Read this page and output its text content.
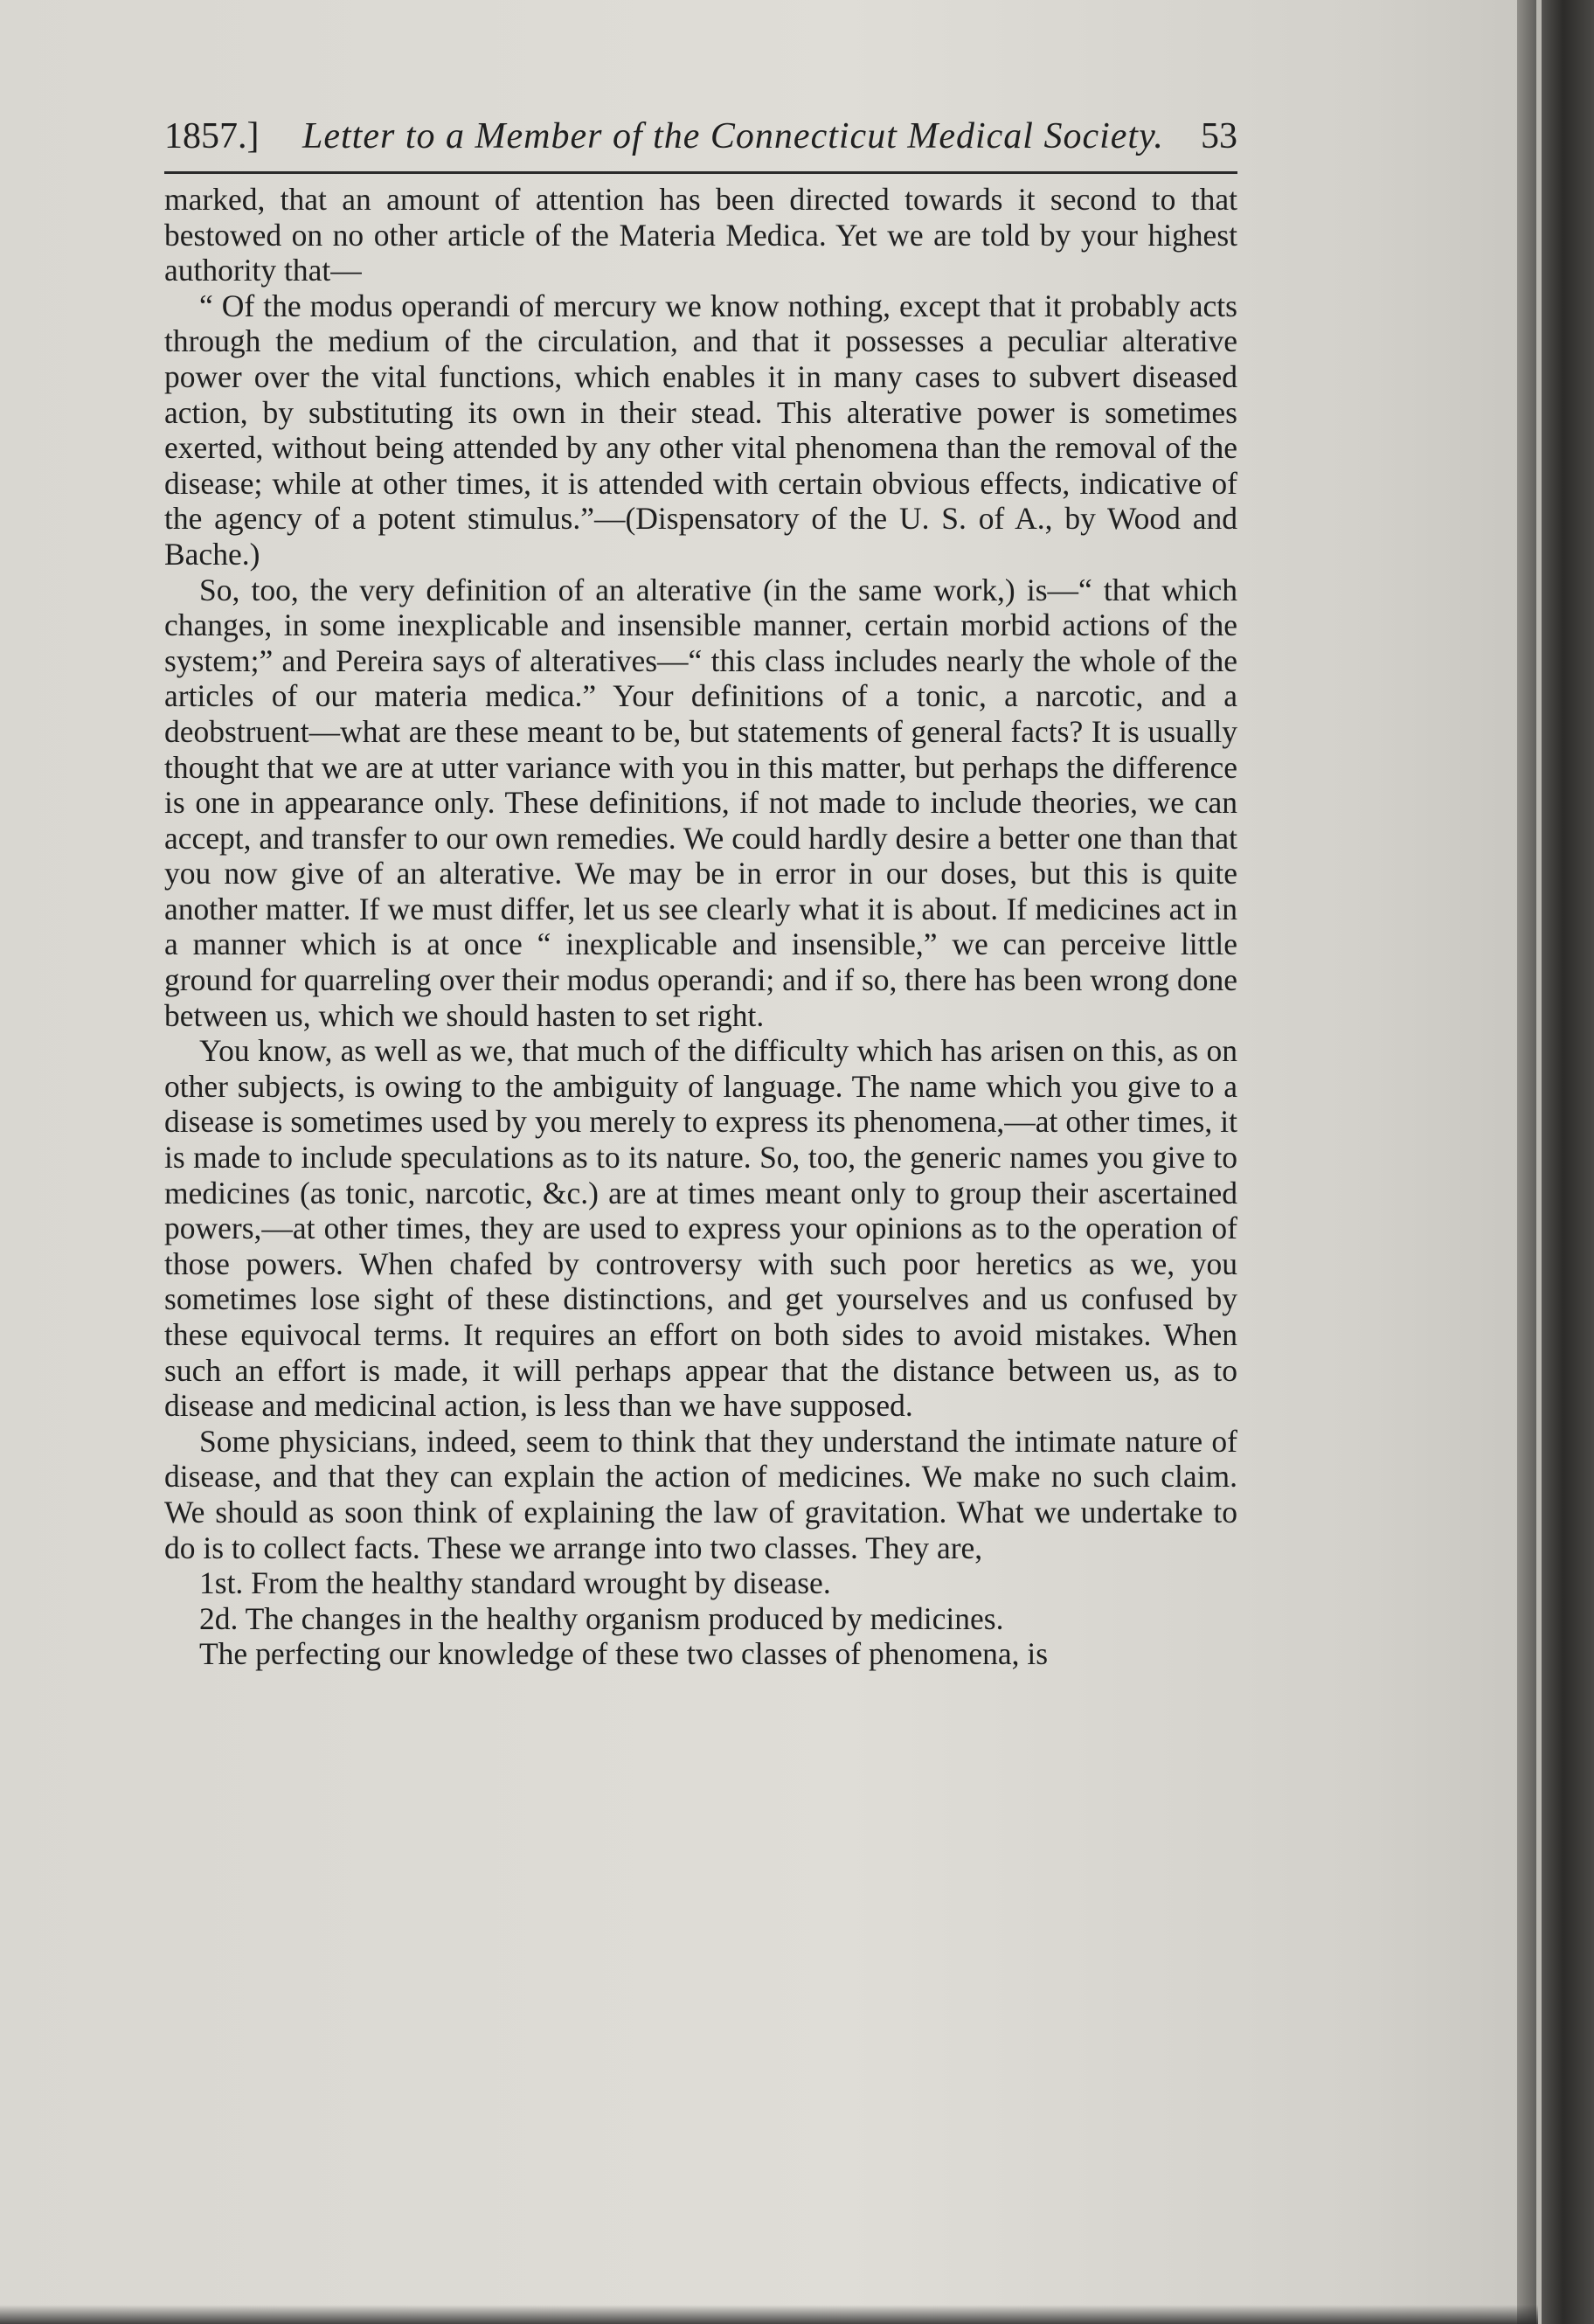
1857.] Letter to a Member of the Connecticut Medical Society. 53

marked, that an amount of attention has been directed towards it second to that bestowed on no other article of the Materia Medica. Yet we are told by your highest authority that—

“ Of the modus operandi of mercury we know nothing, except that it probably acts through the medium of the circulation, and that it possesses a peculiar alterative power over the vital functions, which enables it in many cases to subvert diseased action, by substituting its own in their stead. This alterative power is sometimes exerted, without being attended by any other vital phenomena than the removal of the disease; while at other times, it is attended with certain obvious effects, indicative of the agency of a potent stimulus.”—(Dispensatory of the U. S. of A., by Wood and Bache.)

So, too, the very definition of an alterative (in the same work,) is—“ that which changes, in some inexplicable and insensible manner, certain morbid actions of the system;” and Pereira says of alteratives—“ this class includes nearly the whole of the articles of our materia medica.” Your definitions of a tonic, a narcotic, and a deobstruent—what are these meant to be, but statements of general facts? It is usually thought that we are at utter variance with you in this matter, but perhaps the difference is one in appearance only. These definitions, if not made to include theories, we can accept, and transfer to our own remedies. We could hardly desire a better one than that you now give of an alterative. We may be in error in our doses, but this is quite another matter. If we must differ, let us see clearly what it is about. If medicines act in a manner which is at once “ inexplicable and insensible,” we can perceive little ground for quarreling over their modus operandi; and if so, there has been wrong done between us, which we should hasten to set right.

You know, as well as we, that much of the difficulty which has arisen on this, as on other subjects, is owing to the ambiguity of language. The name which you give to a disease is sometimes used by you merely to express its phenomena,—at other times, it is made to include speculations as to its nature. So, too, the generic names you give to medicines (as tonic, narcotic, &c.) are at times meant only to group their ascertained powers,—at other times, they are used to express your opinions as to the operation of those powers. When chafed by controversy with such poor heretics as we, you sometimes lose sight of these distinctions, and get yourselves and us confused by these equivocal terms. It requires an effort on both sides to avoid mistakes. When such an effort is made, it will perhaps appear that the distance between us, as to disease and medicinal action, is less than we have supposed.

Some physicians, indeed, seem to think that they understand the intimate nature of disease, and that they can explain the action of medicines. We make no such claim. We should as soon think of explaining the law of gravitation. What we undertake to do is to collect facts. These we arrange into two classes. They are,

1st. From the healthy standard wrought by disease.

2d. The changes in the healthy organism produced by medicines.

The perfecting our knowledge of these two classes of phenomena, is
